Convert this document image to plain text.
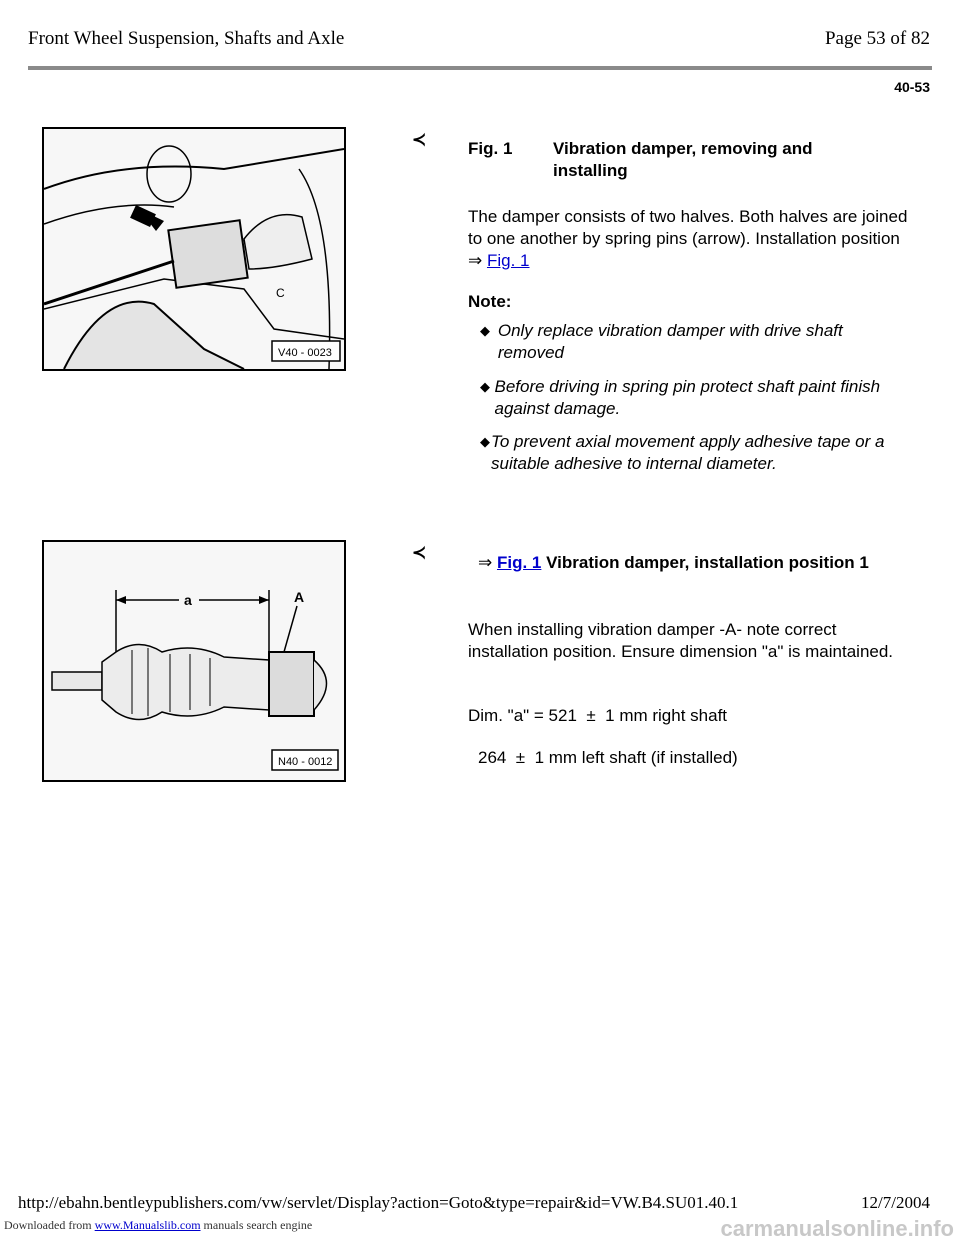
Front Wheel Suspension, Shafts and Axle	Page 53 of 82
40-53
C
V40 - 0023
≺ Fig. 1 Vibration damper, removing and installing
The damper consists of two halves. Both halves are joined to one another by spring pins (arrow). Installation position ⇒ Fig. 1
Note:
◆ Only replace vibration damper with drive shaft removed
◆ Before driving in spring pin protect shaft paint finish against damage.
◆ To prevent axial movement apply adhesive tape or a suitable adhesive to internal diameter.
a	A
N40 - 0012
≺
⇒ Fig. 1 Vibration damper, installation position 1
When installing vibration damper -A- note correct installation position. Ensure dimension "a" is maintained.
Dim. "a" = 521  ±  1 mm right shaft
264  ±  1 mm left shaft (if installed)
http://ebahn.bentleypublishers.com/vw/servlet/Display?action=Goto&type=repair&id=VW.B4.SU01.40.1	12/7/2004
Downloaded from www.Manualslib.com manuals search engine	carmanualsonline.info
